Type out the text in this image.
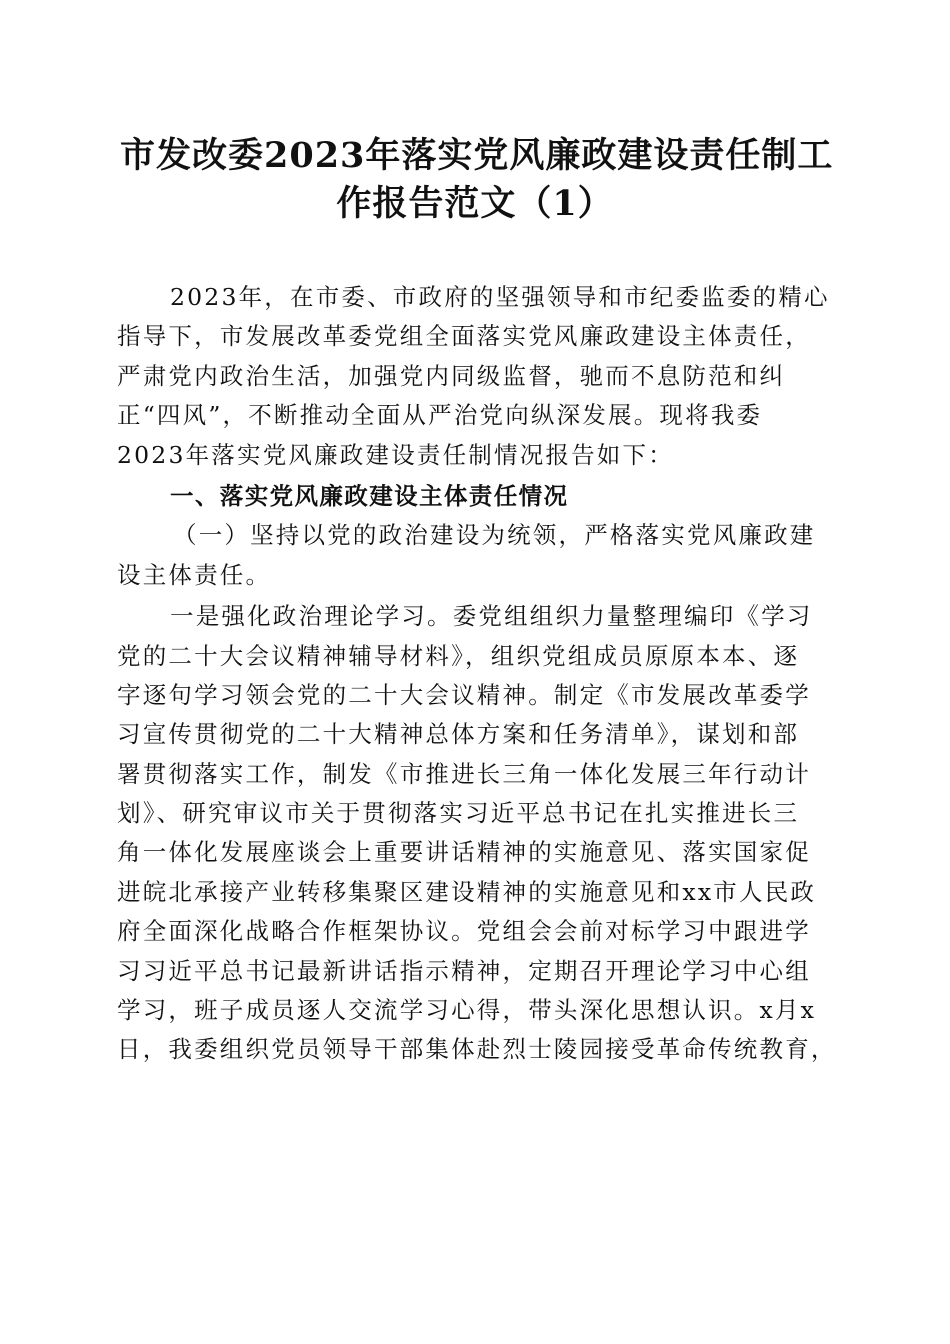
市发改委2023年落实党风廉政建设责任制工
作报告范文（1）
2023年，在市委、市政府的坚强领导和市纪委监委的精心
指导下，市发展改革委党组全面落实党风廉政建设主体责任，
严肃党内政治生活，加强党内同级监督，驰而不息防范和纠
正“四风”，不断推动全面从严治党向纵深发展。现将我委
2023年落实党风廉政建设责任制情况报告如下：
一、落实党风廉政建设主体责任情况
（一）坚持以党的政治建设为统领，严格落实党风廉政建
设主体责任。
一是强化政治理论学习。委党组组织力量整理编印《学习
党的二十大会议精神辅导材料》，组织党组成员原原本本、逐
字逐句学习领会党的二十大会议精神。制定《市发展改革委学
习宣传贯彻党的二十大精神总体方案和任务清单》，谋划和部
署贯彻落实工作，制发《市推进长三角一体化发展三年行动计
划》、研究审议市关于贯彻落实习近平总书记在扎实推进长三
角一体化发展座谈会上重要讲话精神的实施意见、落实国家促
进皖北承接产业转移集聚区建设精神的实施意见和xx市人民政
府全面深化战略合作框架协议。党组会会前对标学习中跟进学
习习近平总书记最新讲话指示精神，定期召开理论学习中心组
学习，班子成员逐人交流学习心得，带头深化思想认识。x月x
日，我委组织党员领导干部集体赴烈士陵园接受革命传统教育，
